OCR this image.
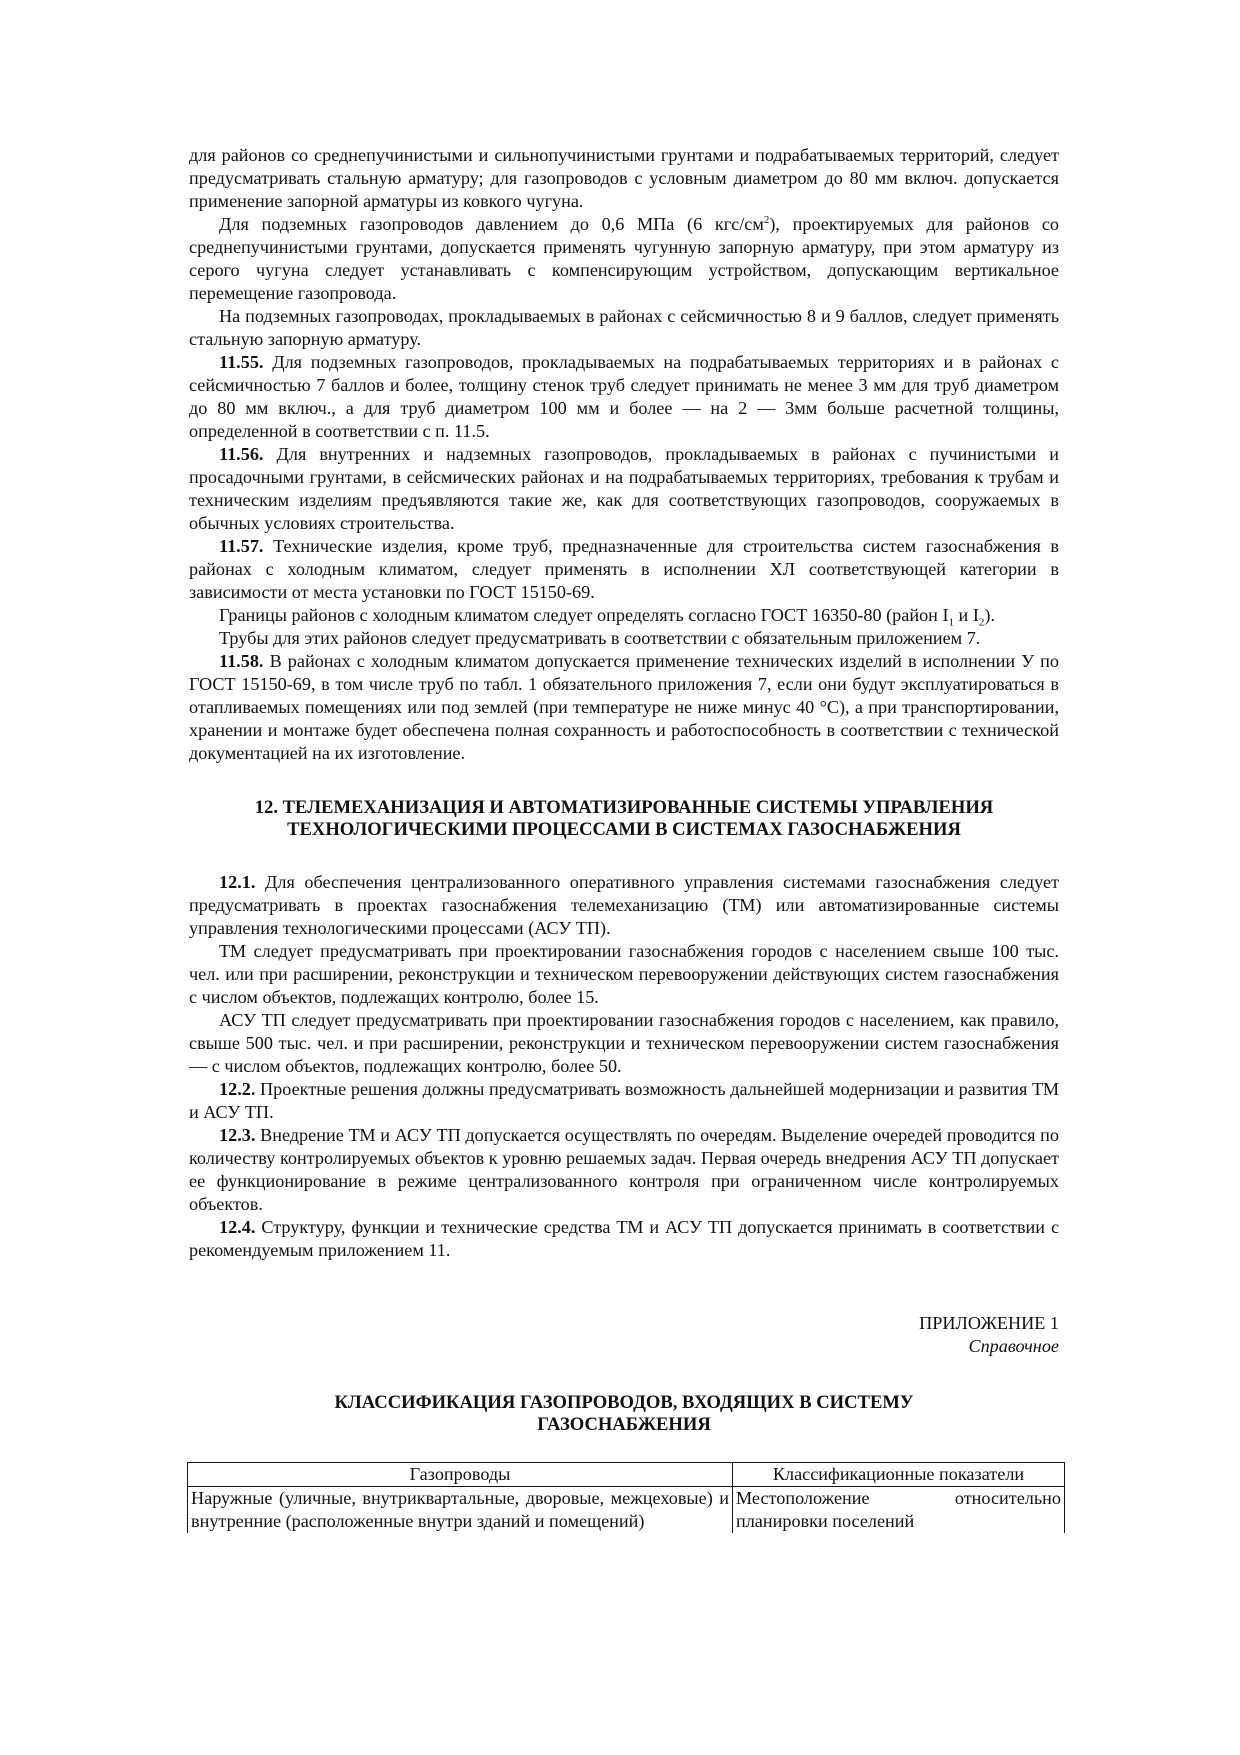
для районов со среднепучинистыми и сильнопучинистыми грунтами и подрабатываемых территорий, следует предусматривать стальную арматуру; для газопроводов с условным диаметром до 80 мм включ. допускается применение запорной арматуры из ковкого чугуна.

Для подземных газопроводов давлением до 0,6 МПа (6 кгс/$см^2$), проектируемых для районов со среднепучинистыми грунтами, допускается применять чугунную запорную арматуру, при этом арматуру из серого чугуна следует устанавливать с компенсирующим устройством, допускающим вертикальное перемещение газопровода.

На подземных газопроводах, прокладываемых в районах с сейсмичностью 8 и 9 баллов, следует применять стальную запорную арматуру.

11.55. Для подземных газопроводов, прокладываемых на подрабатываемых территориях и в районах с сейсмичностью 7 баллов и более, толщину стенок труб следует принимать не менее 3 мм для труб диаметром до 80 мм включ., а для труб диаметром 100 мм и более — на 2 — 3мм больше расчетной толщины, определенной в соответствии с п. 11.5.

11.56. Для внутренних и надземных газопроводов, прокладываемых в районах с пучинистыми и просадочными грунтами, в сейсмических районах и на подрабатываемых территориях, требования к трубам и техническим изделиям предъявляются такие же, как для соответствующих газопроводов, сооружаемых в обычных условиях строительства.

11.57. Технические изделия, кроме труб, предназначенные для строительства систем газоснабжения в районах с холодным климатом, следует применять в исполнении ХЛ соответствующей категории в зависимости от места установки по ГОСТ 15150-69.

Границы районов с холодным климатом следует определять согласно ГОСТ 16350-80 (район $I_1$ и $I_2$).

Трубы для этих районов следует предусматривать в соответствии с обязательным приложением 7.

11.58. В районах с холодным климатом допускается применение технических изделий в исполнении У по ГОСТ 15150-69, в том числе труб по табл. 1 обязательного приложения 7, если они будут эксплуатироваться в отапливаемых помещениях или под землей (при температуре не ниже минус 40 °С), а при транспортировании, хранении и монтаже будет обеспечена полная сохранность и работоспособность в соответствии с технической документацией на их изготовление.

12. ТЕЛЕМЕХАНИЗАЦИЯ И АВТОМАТИЗИРОВАННЫЕ СИСТЕМЫ УПРАВЛЕНИЯ
ТЕХНОЛОГИЧЕСКИМИ ПРОЦЕССАМИ В СИСТЕМАХ ГАЗОСНАБЖЕНИЯ

12.1. Для обеспечения централизованного оперативного управления системами газоснабжения следует предусматривать в проектах газоснабжения телемеханизацию (ТМ) или автоматизированные системы управления технологическими процессами (АСУ ТП).

ТМ следует предусматривать при проектировании газоснабжения городов с населением свыше 100 тыс. чел. или при расширении, реконструкции и техническом перевооружении действующих систем газоснабжения с числом объектов, подлежащих контролю, более 15.

АСУ ТП следует предусматривать при проектировании газоснабжения городов с населением, как правило, свыше 500 тыс. чел. и при расширении, реконструкции и техническом перевооружении систем газоснабжения — с числом объектов, подлежащих контролю, более 50.

12.2. Проектные решения должны предусматривать возможность дальнейшей модернизации и развития ТМ и АСУ ТП.

12.3. Внедрение ТМ и АСУ ТП допускается осуществлять по очередям. Выделение очередей проводится по количеству контролируемых объектов к уровню решаемых задач. Первая очередь внедрения АСУ ТП допускает ее функционирование в режиме централизованного контроля при ограниченном числе контролируемых объектов.

12.4. Структуру, функции и технические средства ТМ и АСУ ТП допускается принимать в соответствии с рекомендуемым приложением 11.

ПРИЛОЖЕНИЕ 1
Справочное
КЛАССИФИКАЦИЯ ГАЗОПРОВОДОВ, ВХОДЯЩИХ В СИСТЕМУ
ГАЗОСНАБЖЕНИЯ
Газопроводы	Классификационные показатели
Наружные (уличные, внутриквартальные, дворовые, межцеховые) и внутренние (расположенные внутри зданий и помещений)	Местоположение относительно планировки поселений
